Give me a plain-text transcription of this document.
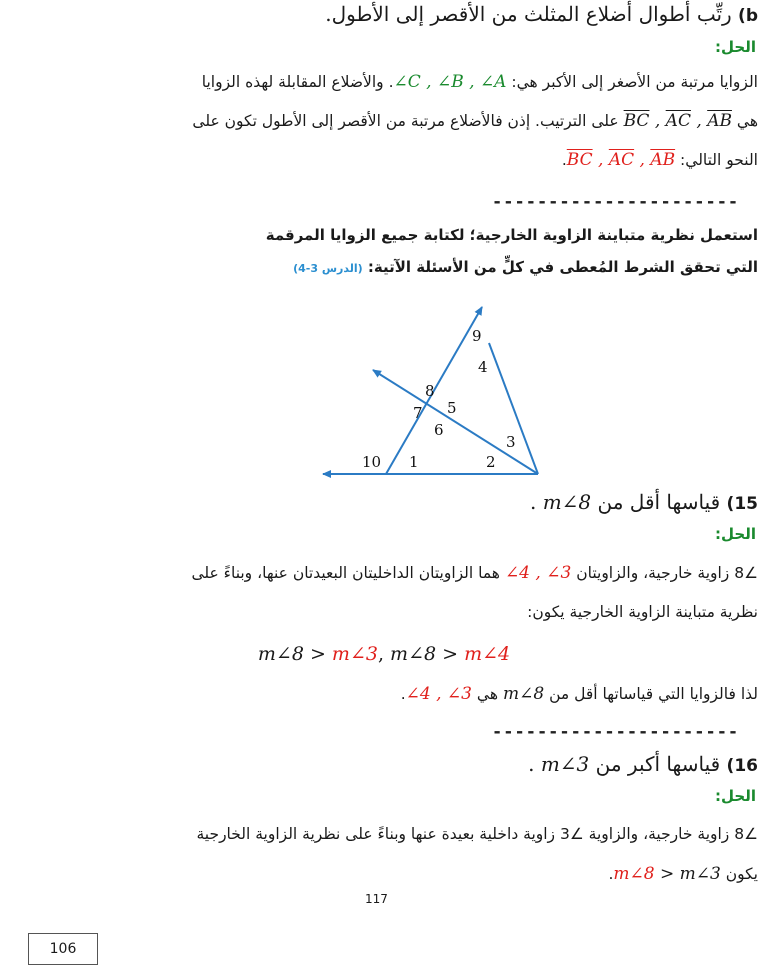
b) رتِّب أطوال أضلاع المثلث من الأقصر إلى الأطول.
الحل:
الزوايا مرتبة من الأصغر إلى الأكبر هي: ∠C , ∠B , ∠A. والأضلاع المقابلة لهذه الزوايا
هي $\overline{BC}$ , $\overline{AC}$ , $\overline{AB}$ على الترتيب. إذن فالأضلاع مرتبة من الأقصر إلى الأطول تكون على
النحو التالي: $\overline{BC}$ , $\overline{AC}$ , $\overline{AB}$.
----------------------
استعمل نظرية متباينة الزاوية الخارجية؛ لكتابة جميع الزوايا المرقمة
التي تحقق الشرط المُعطى في كلٍّ من الأسئلة الآتية: (الدرس 3-4)
9
4
8
5
7
6
3
10 1	2
15) قياسها أقل من m∠8 .
الحل:
∠8 زاوية خارجية، والزاويتان ∠4 , ∠3 هما الزاويتان الداخليتان البعيدتان عنها، وبناءً على
نظرية متباينة الزاوية الخارجية يكون:
m∠8 > m∠3, m∠8 > m∠4
لذا فالزوايا التي قياساتها أقل من m∠8 هي ∠4 , ∠3.
----------------------
16) قياسها أكبر من m∠3 .
الحل:
∠8 زاوية خارجية، والزاوية ∠3 زاوية داخلية بعيدة عنها وبناءً على نظرية الزاوية الخارجية
يكون m∠8 > m∠3.
117
106
